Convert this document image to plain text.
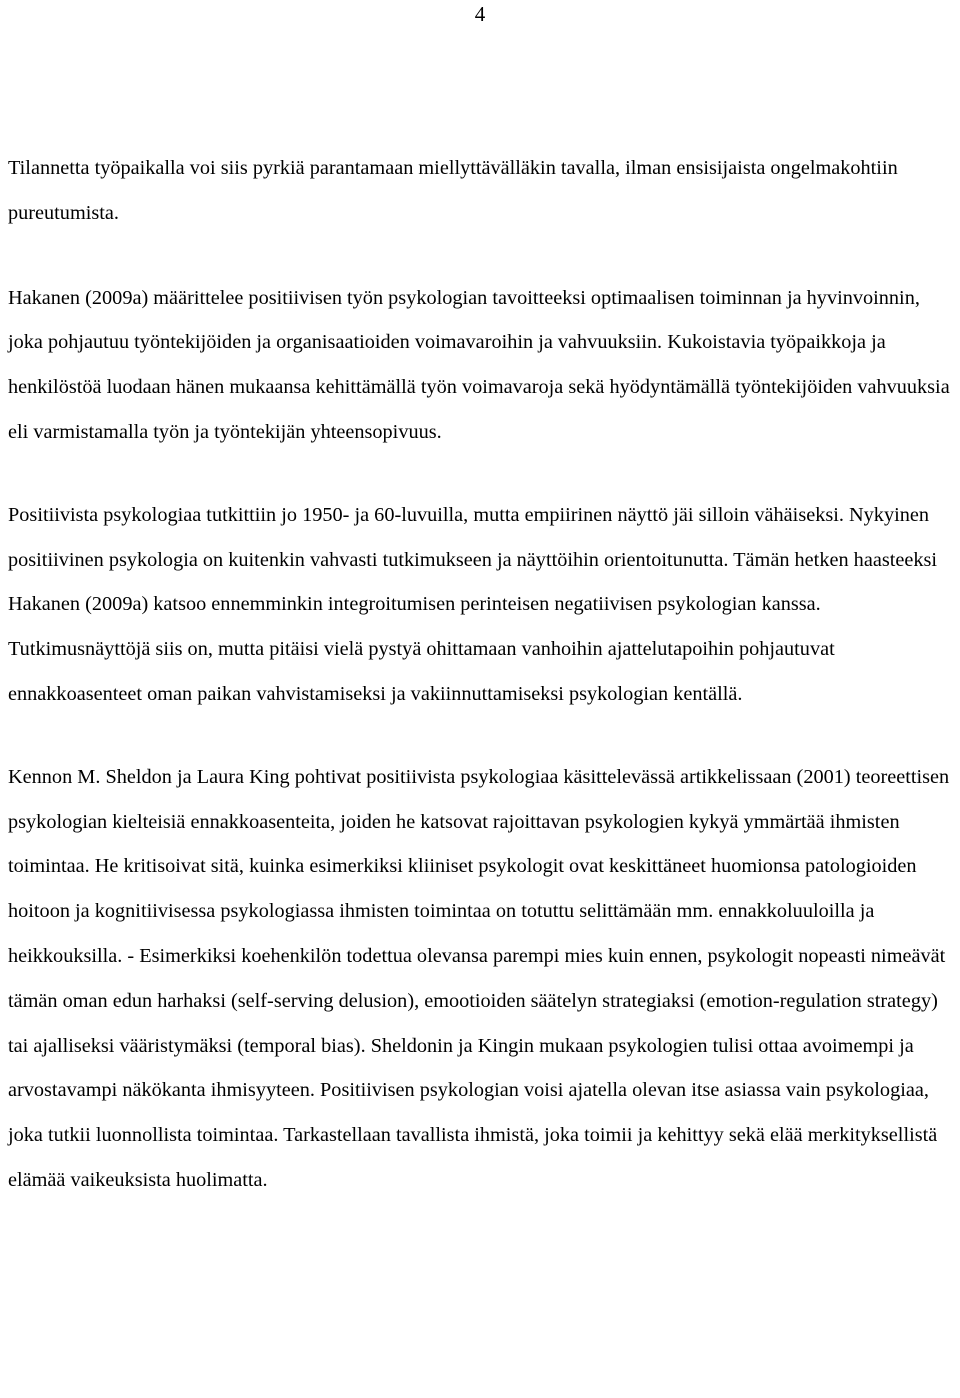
4

Tilannetta työpaikalla voi siis pyrkiä parantamaan miellyttävälläkin tavalla, ilman ensisijaista ongelmakohtiin pureutumista.

Hakanen (2009a) määrittelee positiivisen työn psykologian tavoitteeksi optimaalisen toiminnan ja hyvinvoinnin, joka pohjautuu työntekijöiden ja organisaatioiden voimavaroihin ja vahvuuksiin. Kukoistavia työpaikkoja ja henkilöstöä luodaan hänen mukaansa kehittämällä työn voimavaroja sekä hyödyntämällä työntekijöiden vahvuuksia eli varmistamalla työn ja työntekijän yhteensopivuus.

Positiivista psykologiaa tutkittiin jo 1950- ja 60-luvuilla, mutta empiirinen näyttö jäi silloin vähäiseksi. Nykyinen positiivinen psykologia on kuitenkin vahvasti tutkimukseen ja näyttöihin orientoitunutta. Tämän hetken haasteeksi Hakanen (2009a) katsoo ennemminkin integroitumisen perinteisen negatiivisen psykologian kanssa. Tutkimusnäyttöjä siis on, mutta pitäisi vielä pystyä ohittamaan vanhoihin ajattelutapoihin pohjautuvat ennakkoasenteet oman paikan vahvistamiseksi ja vakiinnuttamiseksi psykologian kentällä.

Kennon M. Sheldon ja Laura King pohtivat positiivista psykologiaa käsittelevässä artikkelissaan (2001) teoreettisen psykologian kielteisiä ennakkoasenteita, joiden he katsovat rajoittavan psykologien kykyä ymmärtää ihmisten toimintaa. He kritisoivat sitä, kuinka esimerkiksi kliiniset psykologit ovat keskittäneet huomionsa patologioiden hoitoon ja kognitiivisessa psykologiassa ihmisten toimintaa on totuttu selittämään mm. ennakkoluuloilla ja heikkouksilla. - Esimerkiksi koehenkilön todettua olevansa parempi mies kuin ennen, psykologit nopeasti nimeävät tämän oman edun harhaksi (self-serving delusion), emootioiden säätelyn strategiaksi (emotion-regulation strategy) tai ajalliseksi vääristymäksi (temporal bias). Sheldonin ja Kingin mukaan psykologien tulisi ottaa avoimempi ja arvostavampi näkökanta ihmisyyteen. Positiivisen psykologian voisi ajatella olevan itse asiassa vain psykologiaa, joka tutkii luonnollista toimintaa. Tarkastellaan tavallista ihmistä, joka toimii ja kehittyy sekä elää merkityksellistä elämää vaikeuksista huolimatta.
